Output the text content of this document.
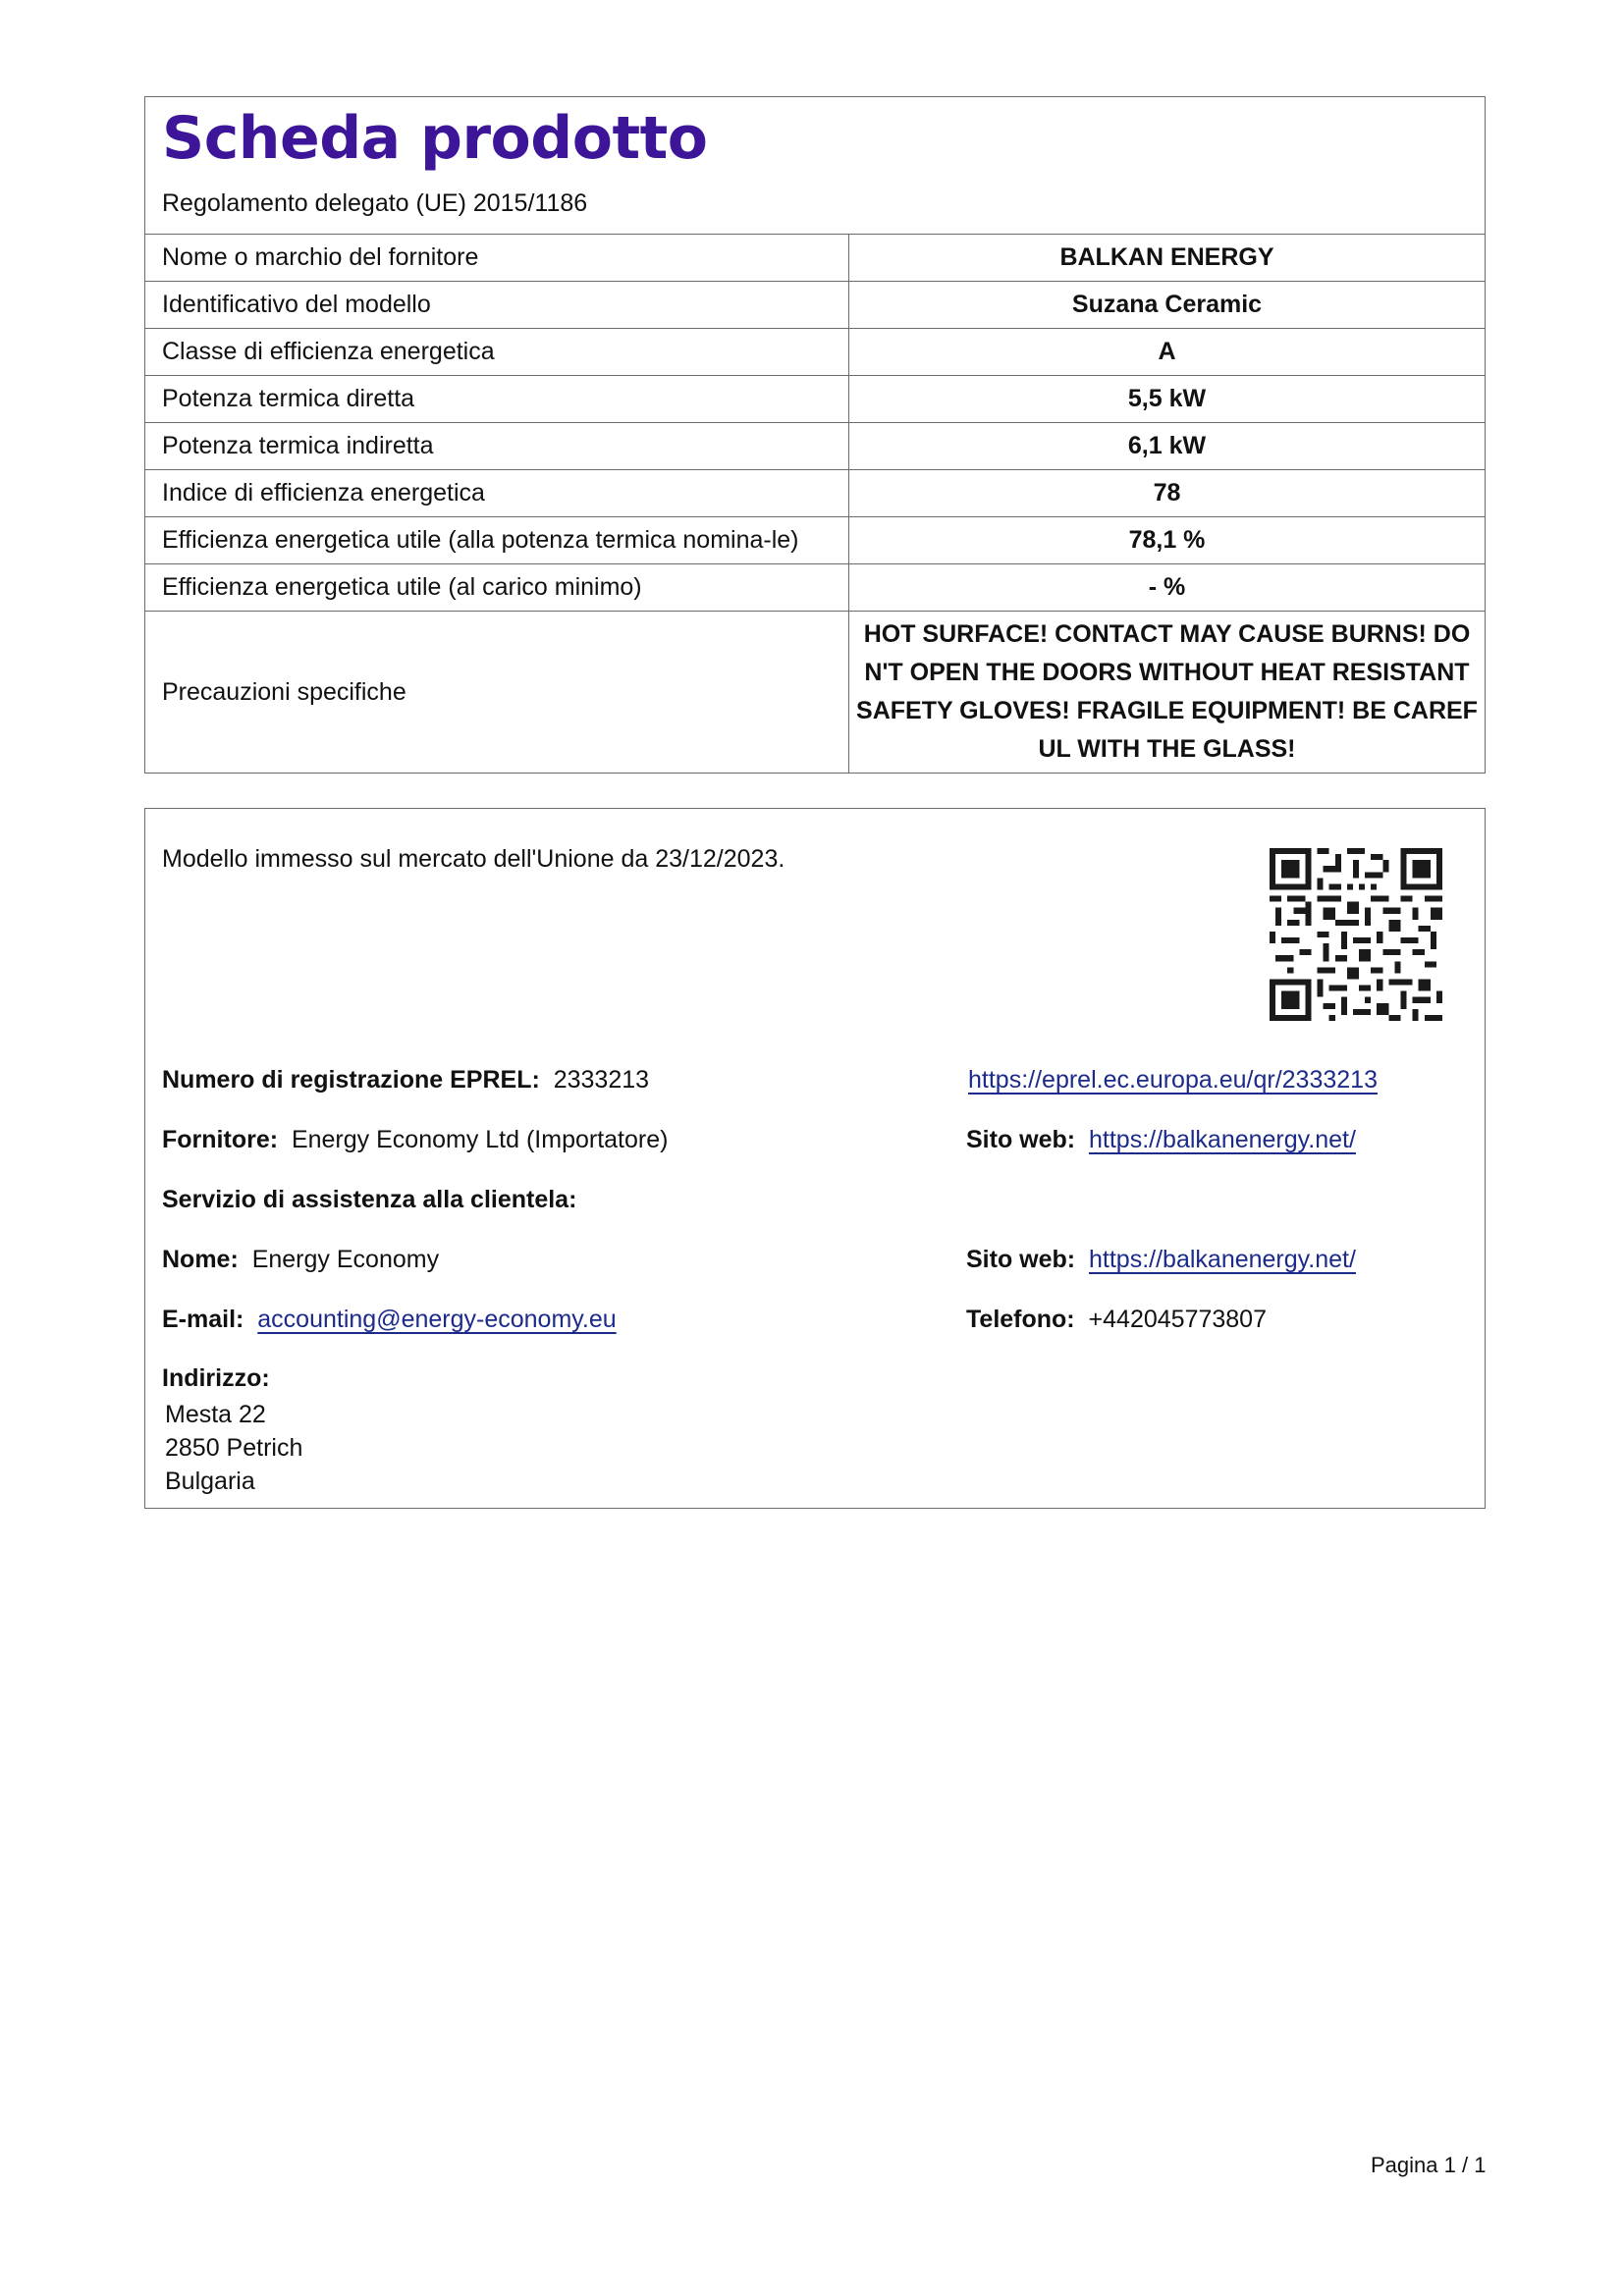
Scheda prodotto
Regolamento delegato (UE) 2015/1186
Nome o marchio del fornitore	BALKAN ENERGY
Identificativo del modello	Suzana Ceramic
Classe di efficienza energetica	A
Potenza termica diretta	5,5 kW
Potenza termica indiretta	6,1 kW
Indice di efficienza energetica	78
Efficienza energetica utile (alla potenza termica nomina-le)	78,1 %
Efficienza energetica utile (al carico minimo)	- %
Precauzioni specifiche	HOT SURFACE! CONTACT MAY CAUSE BURNS! DON'T OPEN THE DOORS WITHOUT HEAT RESISTANT SAFETY GLOVES! FRAGILE EQUIPMENT! BE CAREFUL WITH THE GLASS!
Modello immesso sul mercato dell'Unione da 23/12/2023.
Numero di registrazione EPREL: 2333213	https://eprel.ec.europa.eu/qr/2333213
Fornitore: Energy Economy Ltd (Importatore)	Sito web: https://balkanenergy.net/
Servizio di assistenza alla clientela:
Nome: Energy Economy	Sito web: https://balkanenergy.net/
E-mail: accounting@energy-economy.eu	Telefono: +442045773807
Indirizzo:
Mesta 22
2850 Petrich
Bulgaria
Pagina 1 / 1
